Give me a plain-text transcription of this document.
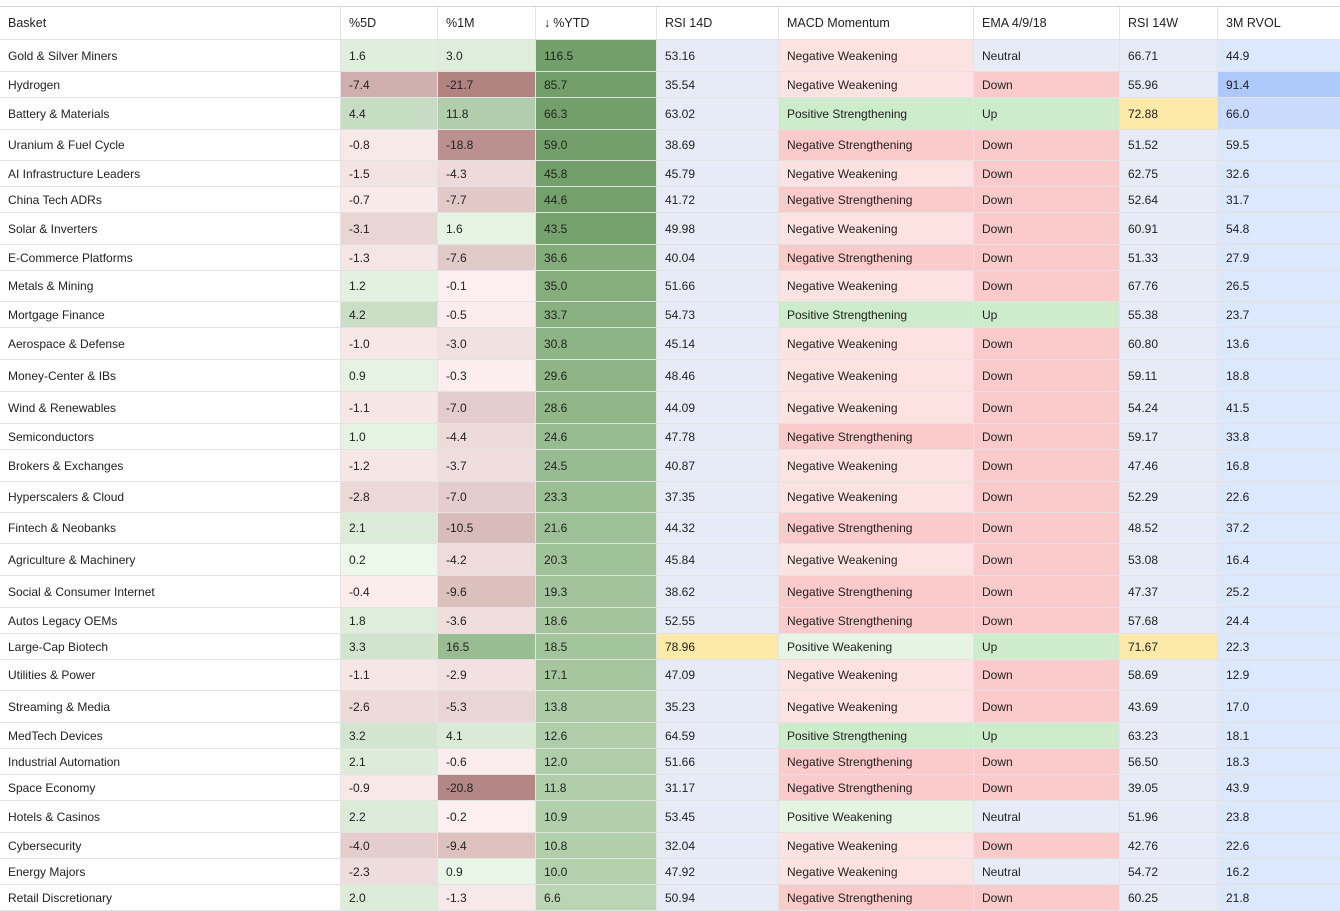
Basket	%5D	%1M	↓ %YTD	RSI 14D	MACD Momentum	EMA 4/9/18	RSI 14W	3M RVOL
Gold & Silver Miners	1.6	3.0	116.5	53.16	Negative Weakening	Neutral	66.71	44.9
Hydrogen	-7.4	-21.7	85.7	35.54	Negative Weakening	Down	55.96	91.4
Battery & Materials	4.4	11.8	66.3	63.02	Positive Strengthening	Up	72.88	66.0
Uranium & Fuel Cycle	-0.8	-18.8	59.0	38.69	Negative Strengthening	Down	51.52	59.5
AI Infrastructure Leaders	-1.5	-4.3	45.8	45.79	Negative Weakening	Down	62.75	32.6
China Tech ADRs	-0.7	-7.7	44.6	41.72	Negative Strengthening	Down	52.64	31.7
Solar & Inverters	-3.1	1.6	43.5	49.98	Negative Weakening	Down	60.91	54.8
E-Commerce Platforms	-1.3	-7.6	36.6	40.04	Negative Strengthening	Down	51.33	27.9
Metals & Mining	1.2	-0.1	35.0	51.66	Negative Weakening	Down	67.76	26.5
Mortgage Finance	4.2	-0.5	33.7	54.73	Positive Strengthening	Up	55.38	23.7
Aerospace & Defense	-1.0	-3.0	30.8	45.14	Negative Weakening	Down	60.80	13.6
Money-Center & IBs	0.9	-0.3	29.6	48.46	Negative Weakening	Down	59.11	18.8
Wind & Renewables	-1.1	-7.0	28.6	44.09	Negative Weakening	Down	54.24	41.5
Semiconductors	1.0	-4.4	24.6	47.78	Negative Strengthening	Down	59.17	33.8
Brokers & Exchanges	-1.2	-3.7	24.5	40.87	Negative Weakening	Down	47.46	16.8
Hyperscalers & Cloud	-2.8	-7.0	23.3	37.35	Negative Weakening	Down	52.29	22.6
Fintech & Neobanks	2.1	-10.5	21.6	44.32	Negative Strengthening	Down	48.52	37.2
Agriculture & Machinery	0.2	-4.2	20.3	45.84	Negative Weakening	Down	53.08	16.4
Social & Consumer Internet	-0.4	-9.6	19.3	38.62	Negative Strengthening	Down	47.37	25.2
Autos Legacy OEMs	1.8	-3.6	18.6	52.55	Negative Strengthening	Down	57.68	24.4
Large-Cap Biotech	3.3	16.5	18.5	78.96	Positive Weakening	Up	71.67	22.3
Utilities & Power	-1.1	-2.9	17.1	47.09	Negative Weakening	Down	58.69	12.9
Streaming & Media	-2.6	-5.3	13.8	35.23	Negative Weakening	Down	43.69	17.0
MedTech Devices	3.2	4.1	12.6	64.59	Positive Strengthening	Up	63.23	18.1
Industrial Automation	2.1	-0.6	12.0	51.66	Negative Strengthening	Down	56.50	18.3
Space Economy	-0.9	-20.8	11.8	31.17	Negative Strengthening	Down	39.05	43.9
Hotels & Casinos	2.2	-0.2	10.9	53.45	Positive Weakening	Neutral	51.96	23.8
Cybersecurity	-4.0	-9.4	10.8	32.04	Negative Weakening	Down	42.76	22.6
Energy Majors	-2.3	0.9	10.0	47.92	Negative Weakening	Neutral	54.72	16.2
Retail Discretionary	2.0	-1.3	6.6	50.94	Negative Strengthening	Down	60.25	21.8
